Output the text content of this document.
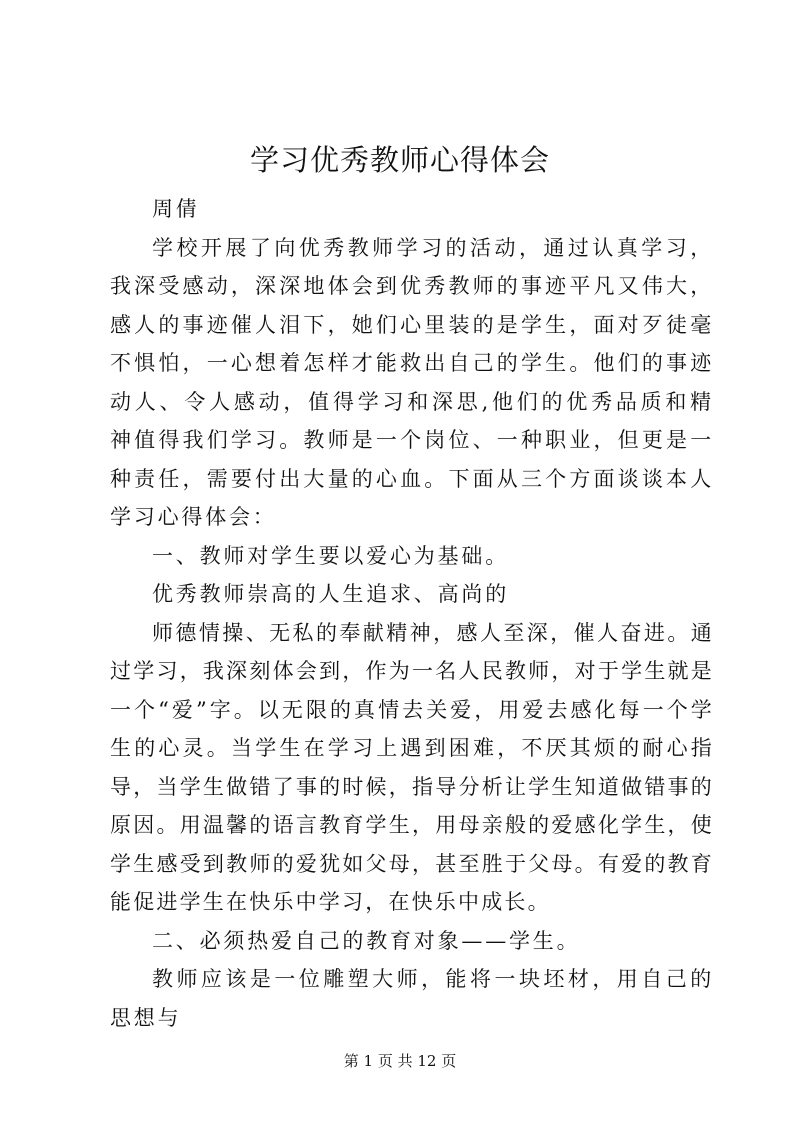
学习优秀教师心得体会

周倩

学校开展了向优秀教师学习的活动，通过认真学习，我深受感动，深深地体会到优秀教师的事迹平凡又伟大，感人的事迹催人泪下，她们心里装的是学生，面对歹徒毫不惧怕，一心想着怎样才能救出自己的学生。他们的事迹动人、令人感动，值得学习和深思,他们的优秀品质和精神值得我们学习。教师是一个岗位、一种职业，但更是一种责任，需要付出大量的心血。下面从三个方面谈谈本人学习心得体会：

一、教师对学生要以爱心为基础。

优秀教师崇高的人生追求、高尚的

师德情操、无私的奉献精神，感人至深，催人奋进。通过学习，我深刻体会到，作为一名人民教师，对于学生就是一个“爱”字。以无限的真情去关爱，用爱去感化每一个学生的心灵。当学生在学习上遇到困难，不厌其烦的耐心指导，当学生做错了事的时候，指导分析让学生知道做错事的原因。用温馨的语言教育学生，用母亲般的爱感化学生，使学生感受到教师的爱犹如父母，甚至胜于父母。有爱的教育能促进学生在快乐中学习，在快乐中成长。

二、必须热爱自己的教育对象——学生。

教师应该是一位雕塑大师，能将一块坯材，用自己的思想与

第 1 页 共 12 页
